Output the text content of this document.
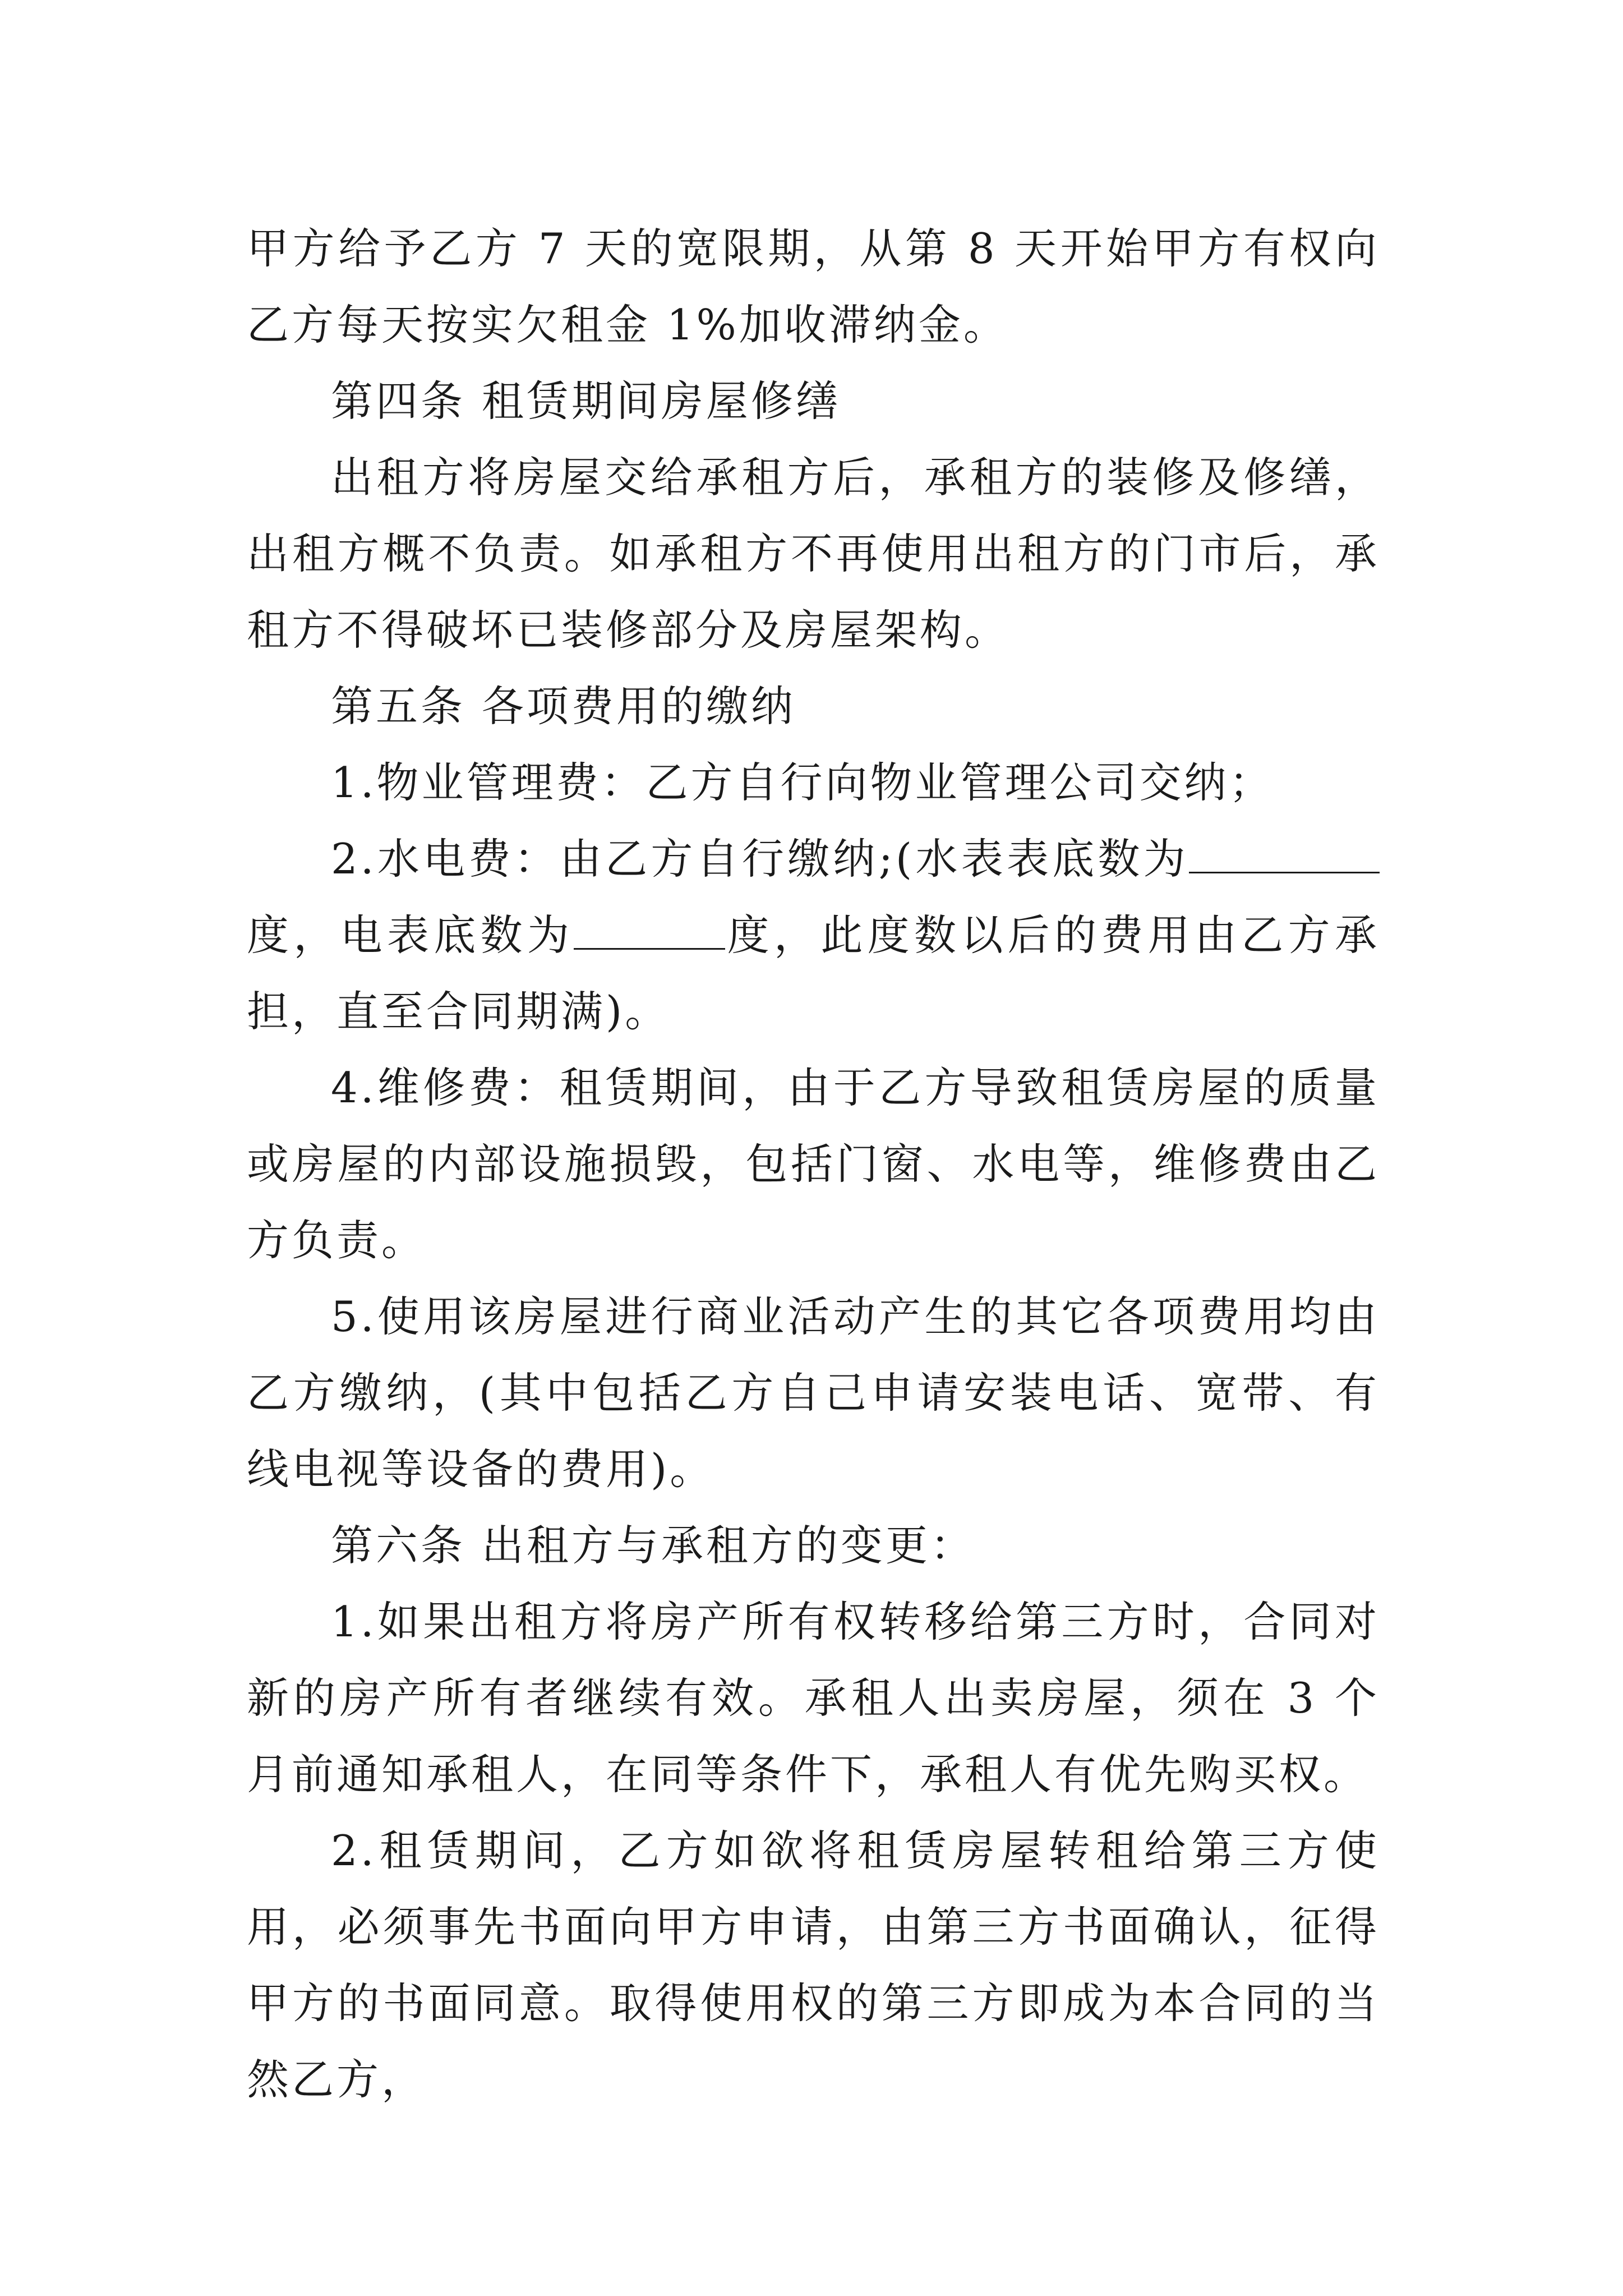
甲方给予乙方 7 天的宽限期，从第 8 天开始甲方有权向乙方每天按实欠租金 1%加收滞纳金。

第四条 租赁期间房屋修缮

出租方将房屋交给承租方后，承租方的装修及修缮，出租方概不负责。如承租方不再使用出租方的门市后，承租方不得破坏已装修部分及房屋架构。

第五条 各项费用的缴纳

1.物业管理费：乙方自行向物业管理公司交纳；

2.水电费：由乙方自行缴纳;(水表表底数为度，电表底数为	度，此度数以后的费用由乙方承担，直至合同期满)。

4.维修费：租赁期间，由于乙方导致租赁房屋的质量或房屋的内部设施损毁，包括门窗、水电等，维修费由乙方负责。

5.使用该房屋进行商业活动产生的其它各项费用均由乙方缴纳，(其中包括乙方自己申请安装电话、宽带、有线电视等设备的费用)。

第六条 出租方与承租方的变更：

1.如果出租方将房产所有权转移给第三方时，合同对新的房产所有者继续有效。承租人出卖房屋，须在 3 个月前通知承租人，在同等条件下，承租人有优先购买权。

2.租赁期间，乙方如欲将租赁房屋转租给第三方使用，必须事先书面向甲方申请，由第三方书面确认，征得甲方的书面同意。取得使用权的第三方即成为本合同的当然乙方，
